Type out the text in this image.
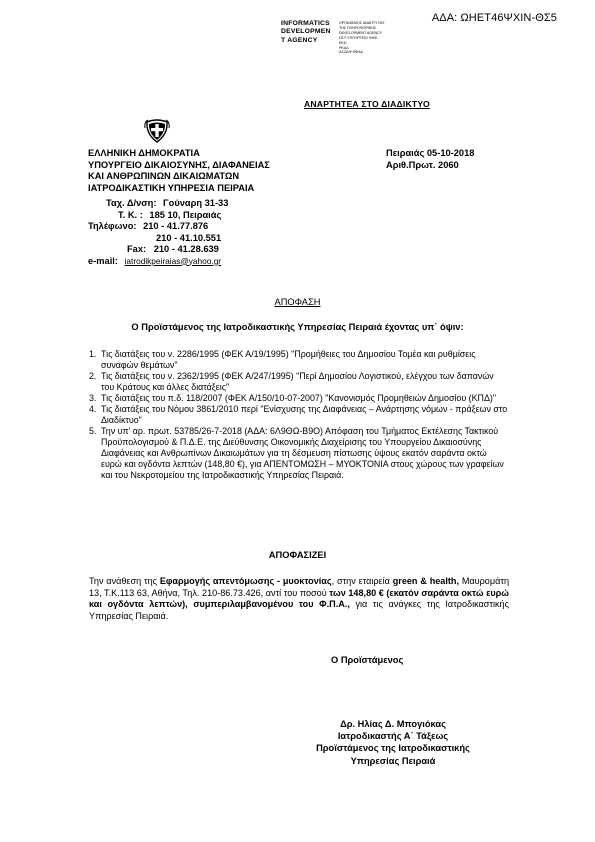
ΑΔΑ: ΩΗΕΤ46ΨΧΙΝ-ΘΣ5
INFORMATICS
DEVELOPMEN
T AGENCY
ΟΡΓΑΝΙΣΜΟΣ ΑΝΑΠΤΥΞΗΣ
ΤΗΣ ΠΛΗΡΟΦΟΡΙΚΗΣ
DEVELOPMENT AGENCY
ΩΣΥ ΥΠΟΥΡΓΕΙΟ ΨΗΦ.
ΕΚΩ
ΡΚΑΔ
ΑΣΟΔΦ ΘΦΑΑ
ΑΝΑΡΤΗΤΕΑ ΣΤΟ ΔΙΑΔΙΚΤΥΟ
ΕΛΛΗΝΙΚΗ ΔΗΜΟΚΡΑΤΙΑ
ΥΠΟΥΡΓΕΙΟ ΔΙΚΑΙΟΣΥΝΗΣ, ΔΙΑΦΑΝΕΙΑΣ
ΚΑΙ ΑΝΘΡΩΠΙΝΩΝ ΔΙΚΑΙΩΜΑΤΩΝ
ΙΑΤΡΟΔΙΚΑΣΤΙΚΗ ΥΠΗΡΕΣΙΑ ΠΕΙΡΑΙΑ
Πειραιάς 05-10-2018
Αριθ.Πρωτ. 2060
Ταχ. Δ/νση: Γούναρη 31-33
Τ. Κ. : 185 10, Πειραιάς
Τηλέφωνο: 210 - 41.77.876
210 - 41.10.551
Fax: 210 - 41.28.639
e-mail: iatrodikpeiraias@yahoo.gr
ΑΠΟΦΑΣΗ
Ο Προϊστάμενος της Ιατροδικαστικής Υπηρεσίας Πειραιά έχοντας υπ΄ όψιν:
1. Τις διατάξεις του ν. 2286/1995 (ΦΕΚ Α/19/1995) "Προμήθειες του Δημοσίου Τομέα και ρυθμίσεις συναφών θεμάτων"
2. Τις διατάξεις του ν. 2362/1995 (ΦΕΚ Α/247/1995) "Περί Δημοσίου Λογιστικού, ελέγχου των δαπανών του Κράτους και άλλες διατάξεις"
3. Τις διατάξεις του π.δ. 118/2007 (ΦΕΚ Α/150/10-07-2007) "Κανονισμός Προμηθειών Δημοσίου (ΚΠΔ)"
4. Τις διατάξεις του Νόμου 3861/2010 περί "Ενίσχυσης της Διαφάνειας – Ανάρτησης νόμων - πράξεων στο Διαδίκτυο"
5. Την υπ' αρ. πρωτ. 53785/26-7-2018 (ΑΔΑ: 6Λ9ΘΩ-Β9Ο) Απόφαση του Τμήματος Εκτέλεσης Τακτικού Προϋπολογισμού & Π.Δ.Ε. της Διεύθυνσης Οικονομικής Διαχείρισης του Υπουργείου Δικαιοσύνης Διαφάνειας και Ανθρωπίνων Δικαιωμάτων για τη δέσμευση πίστωσης ύψους εκατόν σαράντα οκτώ ευρώ και ογδόντα λεπτών (148,80 €), για ΑΠΕΝΤΟΜΩΣΗ – ΜΥΟΚΤΟΝΙΑ στους χώρους των γραφείων και του Νεκροτομείου της Ιατροδικαστικής Υπηρεσίας Πειραιά.
ΑΠΟΦΑΣΙΖΕΙ
Την ανάθεση της Εφαρμογής απεντόμωσης - μυοκτονίας, στην εταιρεία green & health, Μαυρομάτη 13, Τ.Κ.113 63, Αθήνα, Τηλ. 210-86.73.426, αντί του ποσού των 148,80 € (εκατόν σαράντα οκτώ ευρώ και ογδόντα λεπτών), συμπεριλαμβανομένου του Φ.Π.Α., για τις ανάγκες της Ιατροδικαστικής Υπηρεσίας Πειραιά.
Ο Προϊστάμενος
Δρ. Ηλίας Δ. Μπογιόκας
Ιατροδικαστής Α΄ Τάξεως
Προϊστάμενος της Ιατροδικαστικής
Υπηρεσίας Πειραιά
